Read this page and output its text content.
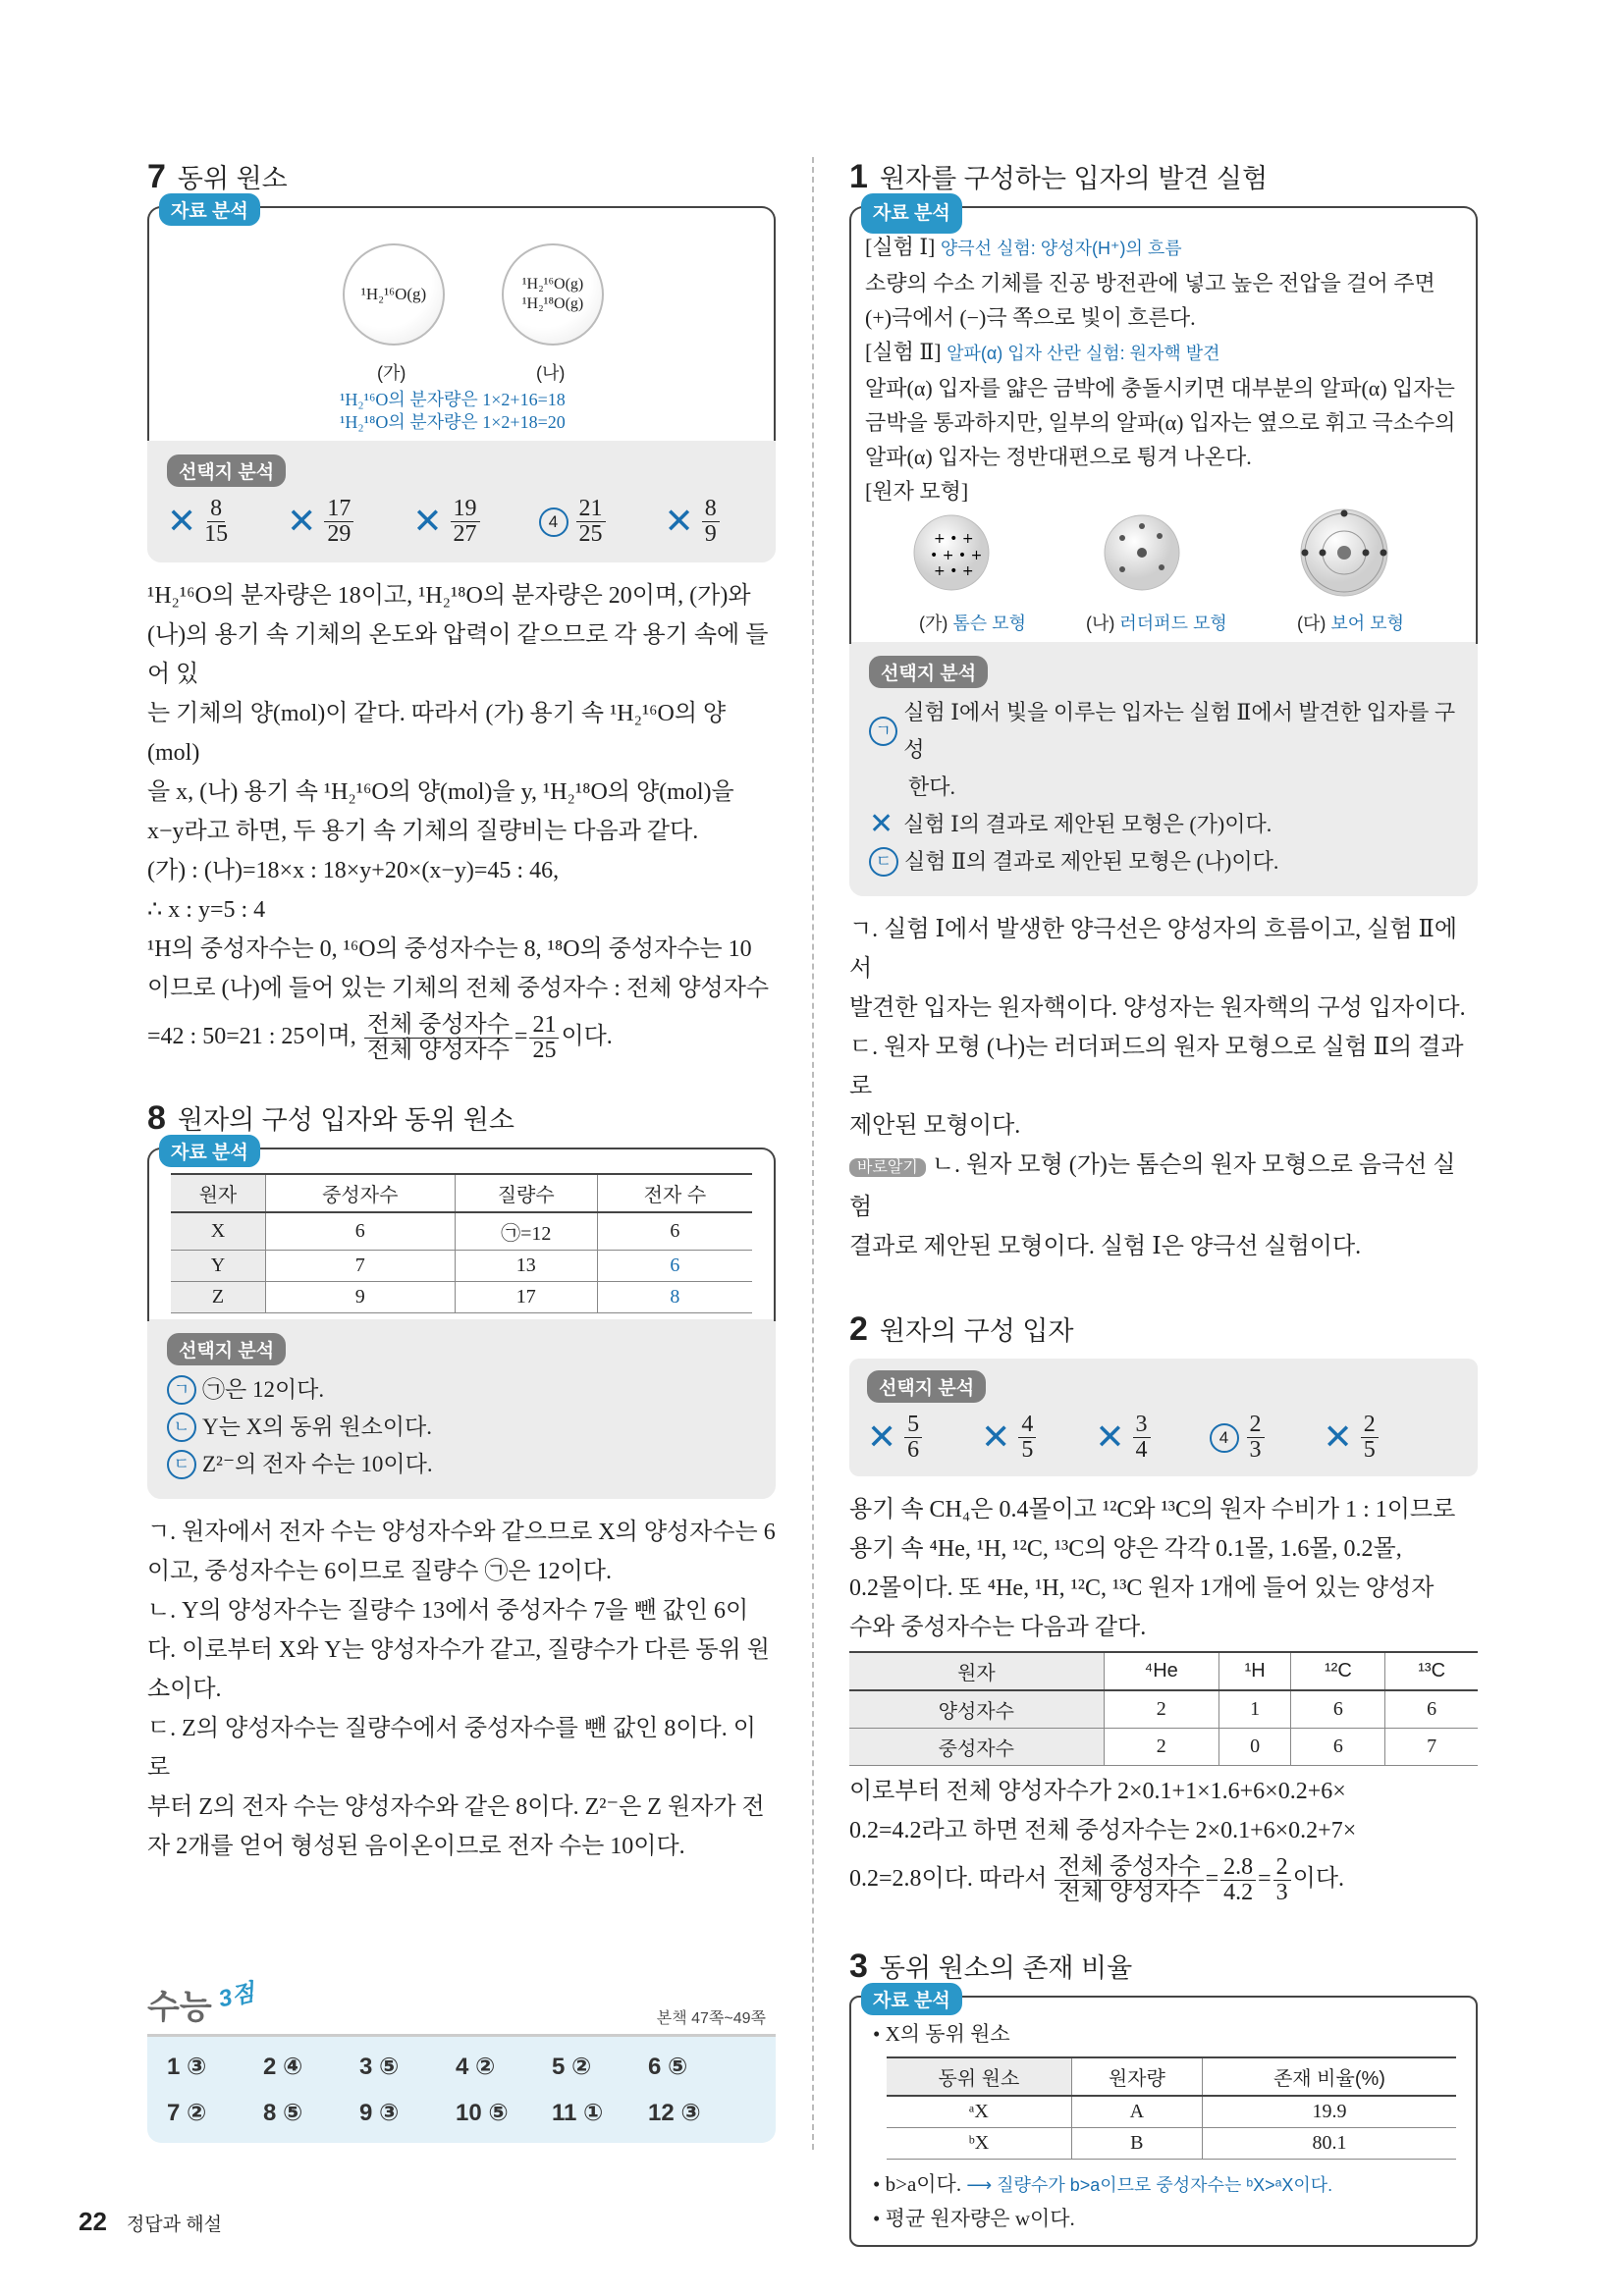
7 동위 원소
자료 분석
¹H₂¹⁶O(g)
¹H₂¹⁶O(g)
¹H₂¹⁸O(g)
(가)	(나)
¹H₂¹⁶O의 분자량은 1×2+16=18
¹H₂¹⁸O의 분자량은 1×2+18=20
선택지 분석
✕ $\frac{8}{15}$ ✕ $\frac{17}{29}$ ✕ $\frac{19}{27}$	$4 \frac{21}{25}$ ✕ $\frac{8}{9}$

¹H₂¹⁶O의 분자량은 18이고, ¹H₂¹⁸O의 분자량은 20이며, (가)와

(나)의 용기 속 기체의 온도와 압력이 같으므로 각 용기 속에 들어 있

는 기체의 양(mol)이 같다. 따라서 (가) 용기 속 ¹H₂¹⁶O의 양(mol)

을 x, (나) 용기 속 ¹H₂¹⁶O의 양(mol)을 y, ¹H₂¹⁸O의 양(mol)을

x−y라고 하면, 두 용기 속 기체의 질량비는 다음과 같다.

(가) : (나)=18×x : 18×y+20×(x−y)=45 : 46,

∴ x : y=5 : 4

¹H의 중성자수는 0, ¹⁶O의 중성자수는 8, ¹⁸O의 중성자수는 10

이므로 (나)에 들어 있는 기체의 전체 중성자수 : 전체 양성자수

=42 : 50=21 : 25이며, $\frac{\text{전체 중성자수}}{\text{전체 양성자수}} = \frac{21}{25}$ 이다.

8 원자의 구성 입자와 동위 원소
자료 분석
원자	중성자수	질량수	전자 수
X	6	㉠=12	6
Y	7	13	6
Z	9	17	8
선택지 분석
ㄱ ㉠은 12이다.
ㄴ Y는 X의 동위 원소이다.
ㄷ Z²⁻의 전자 수는 10이다.

ㄱ. 원자에서 전자 수는 양성자수와 같으므로 X의 양성자수는 6

이고, 중성자수는 6이므로 질량수 ㉠은 12이다.

ㄴ. Y의 양성자수는 질량수 13에서 중성자수 7을 뺀 값인 6이

다. 이로부터 X와 Y는 양성자수가 같고, 질량수가 다른 동위 원

소이다.

ㄷ. Z의 양성자수는 질량수에서 중성자수를 뺀 값인 8이다. 이로

부터 Z의 전자 수는 양성자수와 같은 8이다. Z²⁻은 Z 원자가 전

자 2개를 얻어 형성된 음이온이므로 전자 수는 10이다.

수능 3점
본책 47쪽~49쪽
1 ③	2 ④	3 ⑤	4 ②	5 ②	6 ⑤
7 ②	8 ⑤	9 ③	10 ⑤	11 ①	12 ③
1 원자를 구성하는 입자의 발견 실험
자료 분석
[실험 Ⅰ] 양극선 실험: 양성자(H⁺)의 흐름
소량의 수소 기체를 진공 방전관에 넣고 높은 전압을 걸어 주면
(+)극에서 (−)극 쪽으로 빛이 흐른다.
[실험 Ⅱ] 알파(α) 입자 산란 실험: 원자핵 발견
알파(α) 입자를 얇은 금박에 충돌시키면 대부분의 알파(α) 입자는
금박을 통과하지만, 일부의 알파(α) 입자는 옆으로 휘고 극소수의
알파(α) 입자는 정반대편으로 튕겨 나온다.
[원자 모형]
+ • +
• + • +
+ • +
(가) 톰슨 모형	(나) 러더퍼드 모형	(다) 보어 모형
선택지 분석
ㄱ
실험 Ⅰ에서 빛을 이루는 입자는 실험 Ⅱ에서 발견한 입자를 구성
한다.
✕ 실험 Ⅰ의 결과로 제안된 모형은 (가)이다.
ㄷ 실험 Ⅱ의 결과로 제안된 모형은 (나)이다.

ㄱ. 실험 Ⅰ에서 발생한 양극선은 양성자의 흐름이고, 실험 Ⅱ에서

발견한 입자는 원자핵이다. 양성자는 원자핵의 구성 입자이다.

ㄷ. 원자 모형 (나)는 러더퍼드의 원자 모형으로 실험 Ⅱ의 결과로

제안된 모형이다.

바로알기 ㄴ. 원자 모형 (가)는 톰슨의 원자 모형으로 음극선 실험

결과로 제안된 모형이다. 실험 Ⅰ은 양극선 실험이다.

2 원자의 구성 입자
선택지 분석
✕ $\frac{5}{6}$ ✕ $\frac{4}{5}$ ✕ $\frac{3}{4}$	$4 \frac{2}{3}$ ✕ $\frac{2}{5}$

용기 속 CH₄은 0.4몰이고 ¹²C와 ¹³C의 원자 수비가 1 : 1이므로

용기 속 ⁴He, ¹H, ¹²C, ¹³C의 양은 각각 0.1몰, 1.6몰, 0.2몰,

0.2몰이다. 또 ⁴He, ¹H, ¹²C, ¹³C 원자 1개에 들어 있는 양성자

수와 중성자수는 다음과 같다.

원자	⁴He	¹H	¹²C	¹³C
양성자수	2	1	6	6
중성자수	2	0	6	7

이로부터 전체 양성자수가 2×0.1+1×1.6+6×0.2+6×

0.2=4.2라고 하면 전체 중성자수는 2×0.1+6×0.2+7×

0.2=2.8이다. 따라서 $\frac{\text{전체 중성자수}}{\text{전체 양성자수}} = \frac{2.8}{4.2} = \frac{2}{3}$ 이다.

3 동위 원소의 존재 비율
자료 분석
• X의 동위 원소
동위 원소	원자량	존재 비율(%)
ᵃX	A	19.9
ᵇX	B	80.1
• b>a이다. ⟶ 질량수가 b>a이므로 중성자수는 ᵇX>ᵃX이다.
• 평균 원자량은 w이다.
22 정답과 해설
